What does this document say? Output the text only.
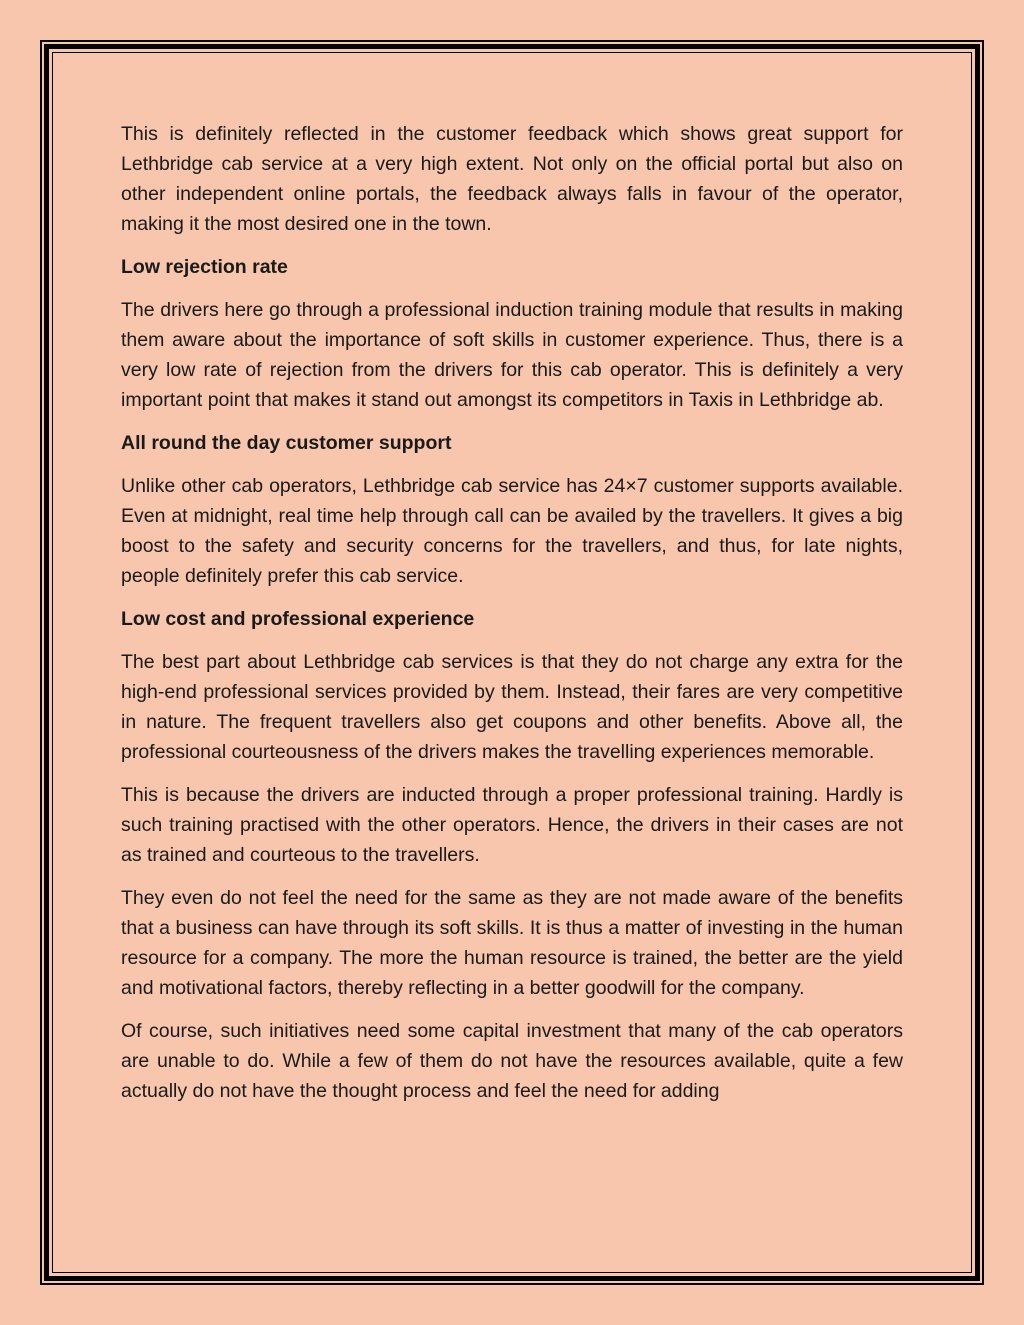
This is definitely reflected in the customer feedback which shows great support for Lethbridge cab service at a very high extent. Not only on the official portal but also on other independent online portals, the feedback always falls in favour of the operator, making it the most desired one in the town.

Low rejection rate

The drivers here go through a professional induction training module that results in making them aware about the importance of soft skills in customer experience. Thus, there is a very low rate of rejection from the drivers for this cab operator. This is definitely a very important point that makes it stand out amongst its competitors in Taxis in Lethbridge ab.

All round the day customer support

Unlike other cab operators, Lethbridge cab service has 24×7 customer supports available. Even at midnight, real time help through call can be availed by the travellers. It gives a big boost to the safety and security concerns for the travellers, and thus, for late nights, people definitely prefer this cab service.

Low cost and professional experience

The best part about Lethbridge cab services is that they do not charge any extra for the high-end professional services provided by them. Instead, their fares are very competitive in nature. The frequent travellers also get coupons and other benefits. Above all, the professional courteousness of the drivers makes the travelling experiences memorable.

This is because the drivers are inducted through a proper professional training. Hardly is such training practised with the other operators. Hence, the drivers in their cases are not as trained and courteous to the travellers.

They even do not feel the need for the same as they are not made aware of the benefits that a business can have through its soft skills. It is thus a matter of investing in the human resource for a company. The more the human resource is trained, the better are the yield and motivational factors, thereby reflecting in a better goodwill for the company.

Of course, such initiatives need some capital investment that many of the cab operators are unable to do. While a few of them do not have the resources available, quite a few actually do not have the thought process and feel the need for adding
